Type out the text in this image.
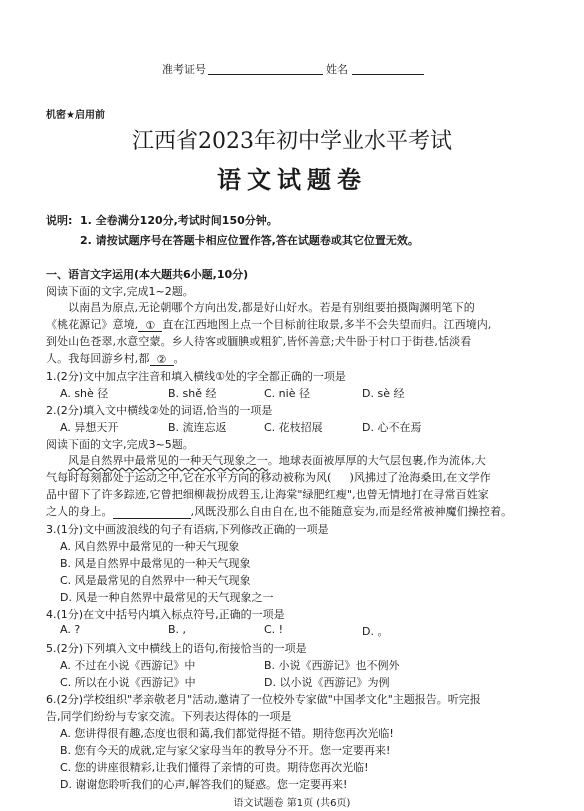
准考证号	姓名
机密★启用前
江西省2023年初中学业水平考试
语文试题卷
说明: 1. 全卷满分120分,考试时间150分钟。
2. 请按试题序号在答题卡相应位置作答,答在试题卷或其它位置无效。
一、语言文字运用(本大题共6小题,10分)
阅读下面的文字,完成1~2题。
以南昌为原点,无论朝哪个方向出发,都是好山好水。若是有别组要拍摄陶渊明笔下的
《桃花源记》意境, ① 直在江西地图上点一个目标前往取景,多半不会失望而归。江西境内,
到处山色苍翠,水意空蒙。乡人待客或腼腆或粗犷,皆怀善意;犬牛卧于村口于街巷,恬淡看
人。我每回游乡村,都 ② 。
1.(2分)文中加点字注音和填入横线①处的字全都正确的一项是
A. shè 径	B. shě 经	C. niè 径	D. sè 经
2.(2分)填入文中横线②处的词语,恰当的一项是
A. 异想天开	B. 流连忘返	C. 花枝招展	D. 心不在焉
阅读下面的文字,完成3~5题。
风是自然界中最常见的一种天气现象之一。地球表面被厚厚的大气层包裹,作为流体,大
气每时每刻都处于运动之中,它在水平方向的移动被称为风( )风拂过了沧海桑田,在文学作
品中留下了许多踪迹,它曾把细柳裁扮成碧玉,让海棠"绿肥红瘦",也曾无情地打在寻常百姓家
之人的身上。	,风既没那么自由自在,也不能随意妄为,而是经常被神魔们操控着。
3.(1分)文中画波浪线的句子有语病,下列修改正确的一项是
A. 风自然界中最常见的一种天气现象
B. 风是自然界中最常见的一种天气现象
C. 风是最常见的自然界中一种天气现象
D. 风是一种自然界中最常见的天气现象之一
4.(1分)在文中括号内填入标点符号,正确的一项是
A. ?	B. ,	C. !	D. 。
5.(2分)下列填入文中横线上的语句,衔接恰当的一项是
A. 不过在小说《西游记》中	B. 小说《西游记》也不例外
C. 所以在小说《西游记》中	D. 以小说《西游记》为例
6.(2分)学校组织"孝亲敬老月"活动,邀请了一位校外专家做"中国孝文化"主题报告。听完报
告,同学们纷纷与专家交流。下列表达得体的一项是
A. 您讲得很有趣,态度也很和蔼,我们都觉得挺不错。期待您再次光临!
B. 您有今天的成就,定与家父家母当年的教导分不开。您一定要再来!
C. 您的讲座很精彩,让我们懂得了亲情的可贵。期待您再次光临!
D. 谢谢您聆听我们的心声,解答我们的疑惑。您一定要再来!
语文试题卷 第1页 (共6页)
